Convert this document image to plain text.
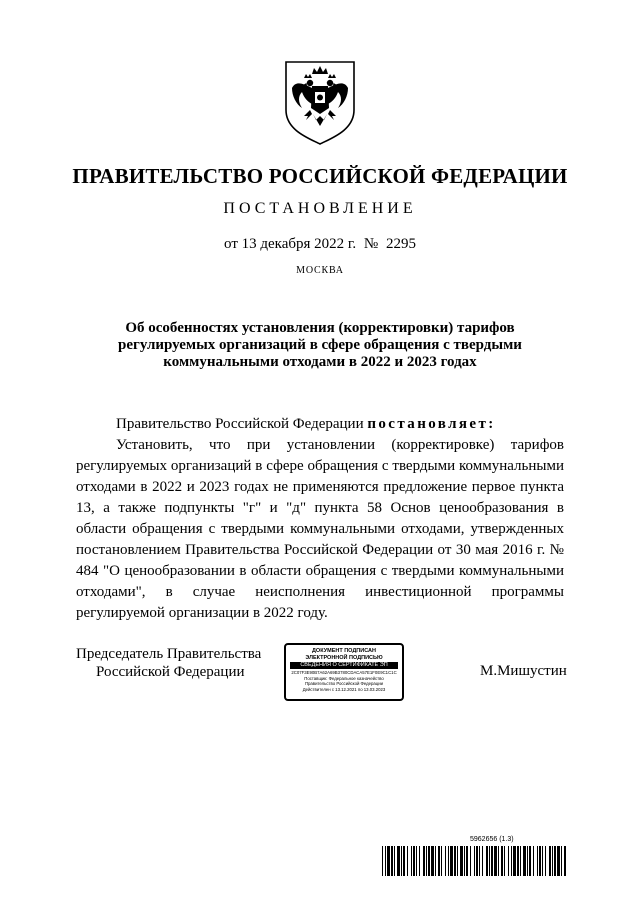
ПРАВИТЕЛЬСТВО РОССИЙСКОЙ ФЕДЕРАЦИИ
ПОСТАНОВЛЕНИЕ
от 13 декабря 2022 г. № 2295
МОСКВА
Об особенностях установления (корректировки) тарифов регулируемых организаций в сфере обращения с твердыми коммунальными отходами в 2022 и 2023 годах

Правительство Российской Федерации постановляет:

Установить, что при установлении (корректировке) тарифов регулируемых организаций в сфере обращения с твердыми коммунальными отходами в 2022 и 2023 годах не применяются предложение первое пункта 13, а также подпункты "г" и "д" пункта 58 Основ ценообразования в области обращения с твердыми коммунальными отходами, утвержденных постановлением Правительства Российской Федерации от 30 мая 2016 г. № 484 "О ценообразовании в области обращения с твердыми коммунальными отходами", в случае неисполнения инвестиционной программы регулируемой организации в 2022 году.

Председатель Правительства
Российской Федерации
ДОКУМЕНТ ПОДПИСАН
ЭЛЕКТРОННОЙ ПОДПИСЬЮ
СВЕДЕНИЯ О СЕРТИФИКАТЕ ЭП
2C07F3E90B7A62A69B3780CDACA57E1F0E9C1C1C
Поставщик: Федеральное казначейство
Правительство Российской Федерации
Действителен с 13.12.2021 по 13.03.2023
М.Мишустин
5962656 (1.3)
